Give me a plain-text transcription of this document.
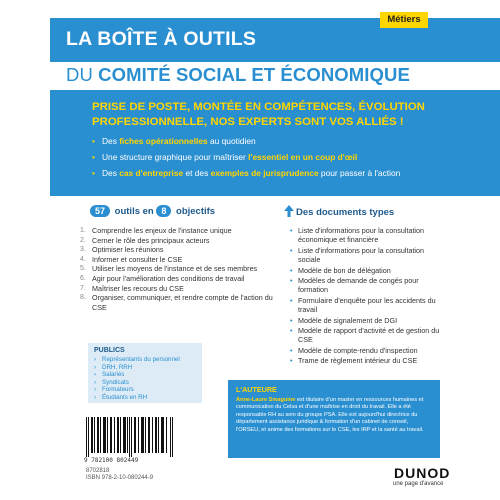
LA BOÎTE À OUTILS
Métiers
DU COMITÉ SOCIAL ET ÉCONOMIQUE
PRISE DE POSTE, MONTÉE EN COMPÉTENCES, ÉVOLUTION PROFESSIONNELLE, NOS EXPERTS SONT VOS ALLIÉS !
• Des fiches opérationnelles au quotidien
• Une structure graphique pour maîtriser l'essentiel en un coup d'œil
• Des cas d'entreprise et des exemples de jurisprudence pour passer à l'action
57 outils en 8 objectifs
1. Comprendre les enjeux de l'instance unique
2. Cerner le rôle des principaux acteurs
3. Optimiser les réunions
4. Informer et consulter le CSE
5. Utiliser les moyens de l'instance et de ses membres
6. Agir pour l'amélioration des conditions de travail
7. Maîtriser les recours du CSE
8. Organiser, communiquer, et rendre compte de l'action du CSE
Des documents types
• Liste d'informations pour la consultation économique et financière
• Liste d'informations pour la consultation sociale
• Modèle de bon de délégation
• Modèles de demande de congés pour formation
• Formulaire d'enquête pour les accidents du travail
• Modèle de signalement de DGI
• Modèle de rapport d'activité et de gestion du CSE
• Modèle de compte-rendu d'inspection
• Trame de règlement intérieur du CSE
PUBLICS
› Représentants du personnel
› DRH, RRH
› Salariés
› Syndicats
› Formateurs
› Étudiants en RH
L'AUTEURE
Anne-Laure Smaguine est titulaire d'un master en ressources humaines et communication du Celsa et d'une maîtrise en droit du travail. Elle a été responsable RH au sein du groupe PSA. Elle est aujourd'hui directrice du département assistance juridique & formation d'un cabinet de conseil, l'ORSEU, et anime des formations sur le CSE, les IRP et la santé au travail.
9 782100 802449
8702818
ISBN 978-2-10-080244-9	DUNOD
une page d'avance
